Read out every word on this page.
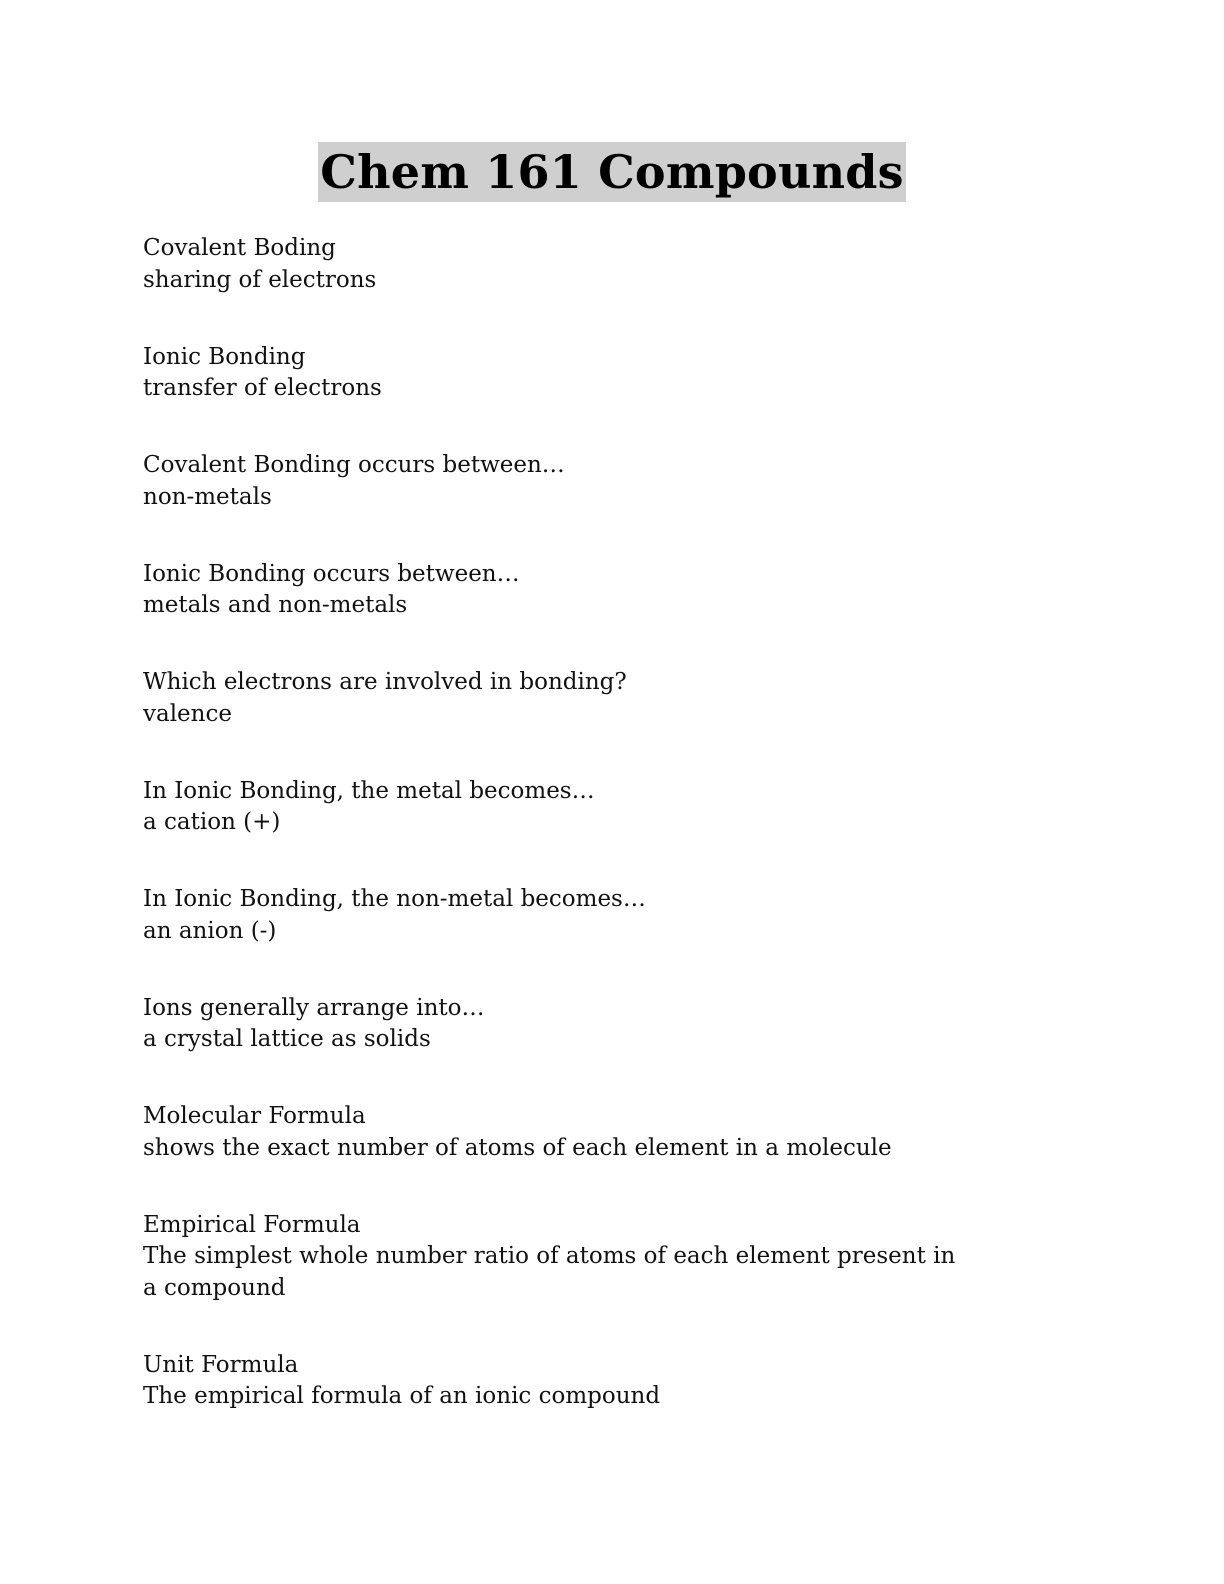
Chem 161 Compounds
Covalent Boding
sharing of electrons
Ionic Bonding
transfer of electrons
Covalent Bonding occurs between…
non-metals
Ionic Bonding occurs between…
metals and non-metals
Which electrons are involved in bonding?
valence
In Ionic Bonding, the metal becomes…
a cation (+)
In Ionic Bonding, the non-metal becomes…
an anion (-)
Ions generally arrange into…
a crystal lattice as solids
Molecular Formula
shows the exact number of atoms of each element in a molecule
Empirical Formula
The simplest whole number ratio of atoms of each element present in a compound
Unit Formula
The empirical formula of an ionic compound
